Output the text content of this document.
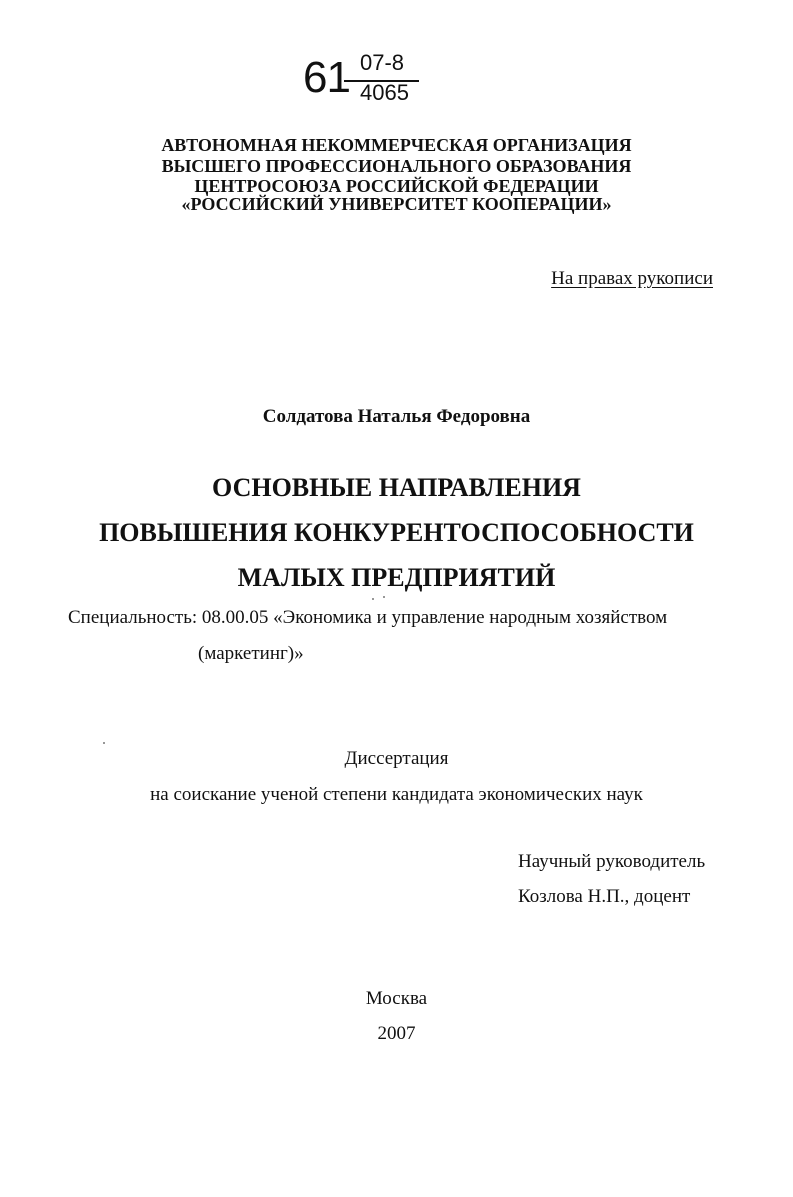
61 07-8
4065
АВТОНОМНАЯ НЕКОММЕРЧЕСКАЯ ОРГАНИЗАЦИЯ
ВЫСШЕГО ПРОФЕССИОНАЛЬНОГО ОБРАЗОВАНИЯ
ЦЕНТРОСОЮЗА РОССИЙСКОЙ ФЕДЕРАЦИИ
«РОССИЙСКИЙ УНИВЕРСИТЕТ КООПЕРАЦИИ»
На правах рукописи
Солдатова Наталья Федоровна
ОСНОВНЫЕ НАПРАВЛЕНИЯ
ПОВЫШЕНИЯ КОНКУРЕНТОСПОСОБНОСТИ
МАЛЫХ ПРЕДПРИЯТИЙ
Специальность: 08.00.05 «Экономика и управление народным хозяйством
(маркетинг)»
Диссертация
на соискание ученой степени кандидата экономических наук
Научный руководитель
Козлова Н.П., доцент
Москва
2007
